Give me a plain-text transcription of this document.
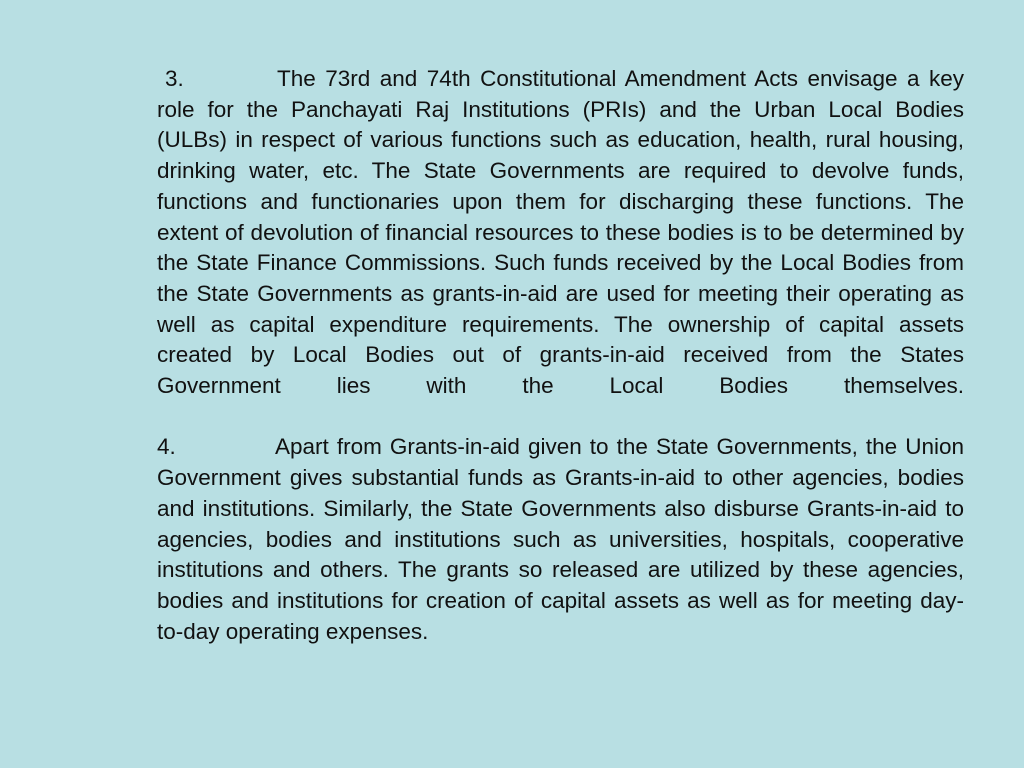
3.	The 73rd and 74th Constitutional Amendment Acts envisage a key role for the Panchayati Raj Institutions (PRIs) and the Urban Local Bodies (ULBs) in respect of various functions such as education, health, rural housing, drinking water, etc. The State Governments are required to devolve funds, functions and functionaries upon them for discharging these functions. The extent of devolution of financial resources to these bodies is to be determined by the State Finance Commissions. Such funds received by the Local Bodies from the State Governments as grants-in-aid are used for meeting their operating as well as capital expenditure requirements. The ownership of capital assets created by Local Bodies out of grants-in-aid received from the States Government lies with the Local Bodies themselves.

4.	Apart from Grants-in-aid given to the State Governments, the Union Government gives substantial funds as Grants-in-aid to other agencies, bodies and institutions. Similarly, the State Governments also disburse Grants-in-aid to agencies, bodies and institutions such as universities, hospitals, cooperative institutions and others. The grants so released are utilized by these agencies, bodies and institutions for creation of capital assets as well as for meeting day-to-day operating expenses.
